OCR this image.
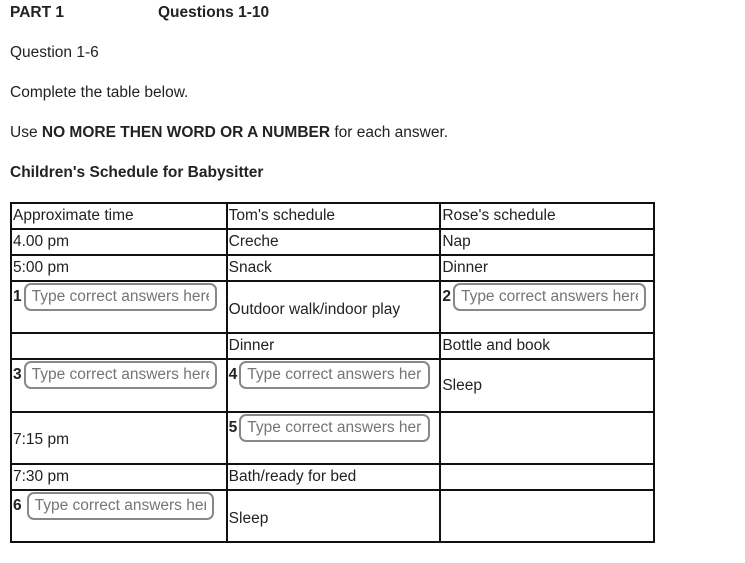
PART 1	Questions 1-10
Question 1-6
Complete the table below.
Use NO MORE THEN WORD OR A NUMBER for each answer.
Children's Schedule for Babysitter
Approximate time	Tom's schedule	Rose's schedule
4.00 pm	Creche	Nap
5:00 pm	Snack	Dinner
1Type correct answers here	Outdoor walk/indoor play	2Type correct answers here
	Dinner	Bottle and book
3Type correct answers here	4Type correct answers here	Sleep
7:15 pm	5Type correct answers here	
7:30 pm	Bath/ready for bed	
6Type correct answers here	Sleep	
